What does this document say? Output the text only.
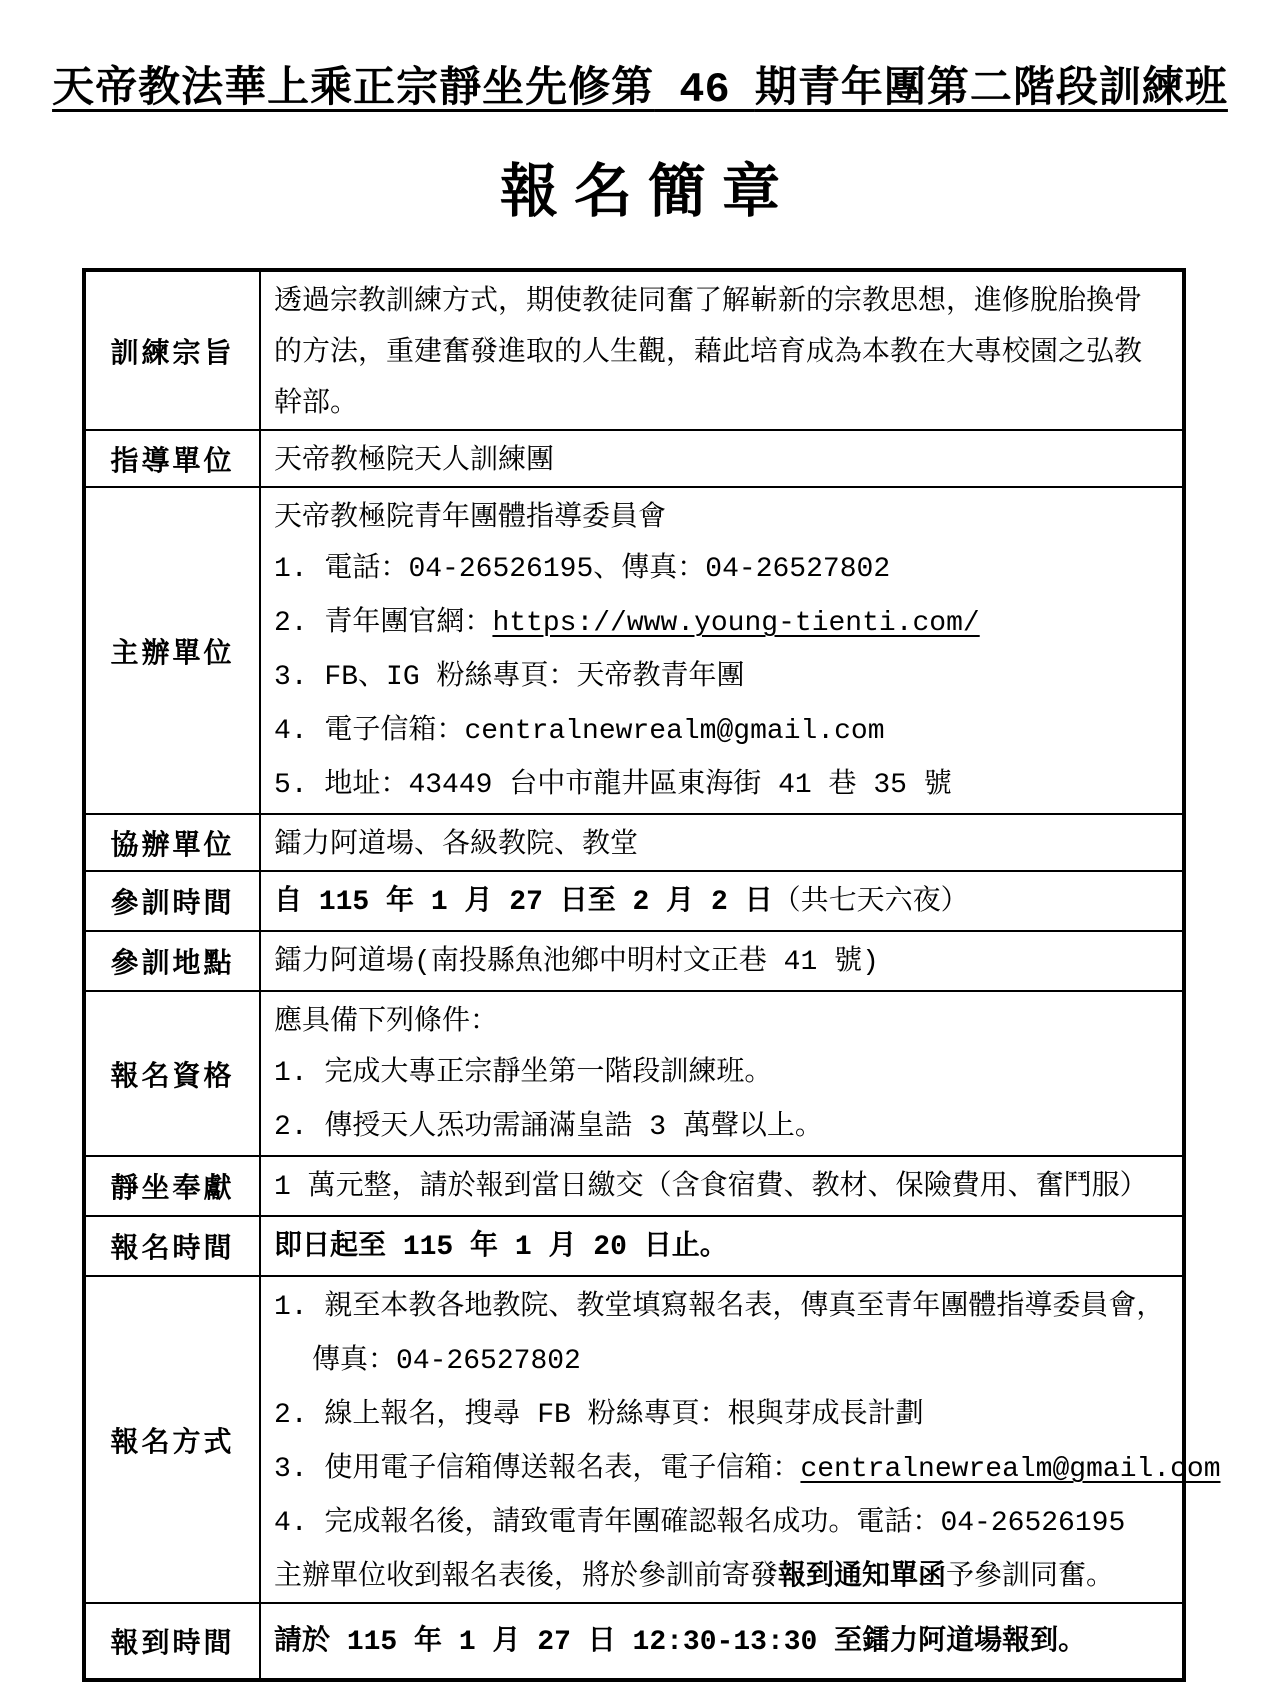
天帝教法華上乘正宗靜坐先修第 46 期青年團第二階段訓練班
報名簡章
訓練宗旨	透過宗教訓練方式，期使教徒同奮了解嶄新的宗教思想，進修脫胎換骨
的方法，重建奮發進取的人生觀，藉此培育成為本教在大專校園之弘教
幹部。

指導單位	天帝教極院天人訓練團

主辦單位	
天帝教極院青年團體指導委員會
1. 電話：04-26526195、傳真：04-26527802
2. 青年團官網：https://www.young-tienti.com/
3. FB、IG 粉絲專頁：天帝教青年團
4. 電子信箱：centralnewrealm@gmail.com
5. 地址：43449 台中市龍井區東海街 41 巷 35 號

協辦單位	鐳力阿道場、各級教院、教堂

參訓時間	自 115 年 1 月 27 日至 2 月 2 日（共七天六夜）

參訓地點	鐳力阿道場(南投縣魚池鄉中明村文正巷 41 號)

報名資格	應具備下列條件：
1. 完成大專正宗靜坐第一階段訓練班。
2. 傳授天人炁功需誦滿皇誥 3 萬聲以上。

靜坐奉獻	1 萬元整，請於報到當日繳交（含食宿費、教材、保險費用、奮鬥服）

報名時間	即日起至 115 年 1 月 20 日止。

報名方式	
1. 親至本教各地教院、教堂填寫報名表，傳真至青年團體指導委員會，
傳真：04-26527802
2. 線上報名，搜尋 FB 粉絲專頁：根與芽成長計劃
3. 使用電子信箱傳送報名表，電子信箱：centralnewrealm@gmail.com
4. 完成報名後，請致電青年團確認報名成功。電話：04-26526195
主辦單位收到報名表後，將於參訓前寄發報到通知單函予參訓同奮。

報到時間	請於 115 年 1 月 27 日 12:30-13:30 至鐳力阿道場報到。
